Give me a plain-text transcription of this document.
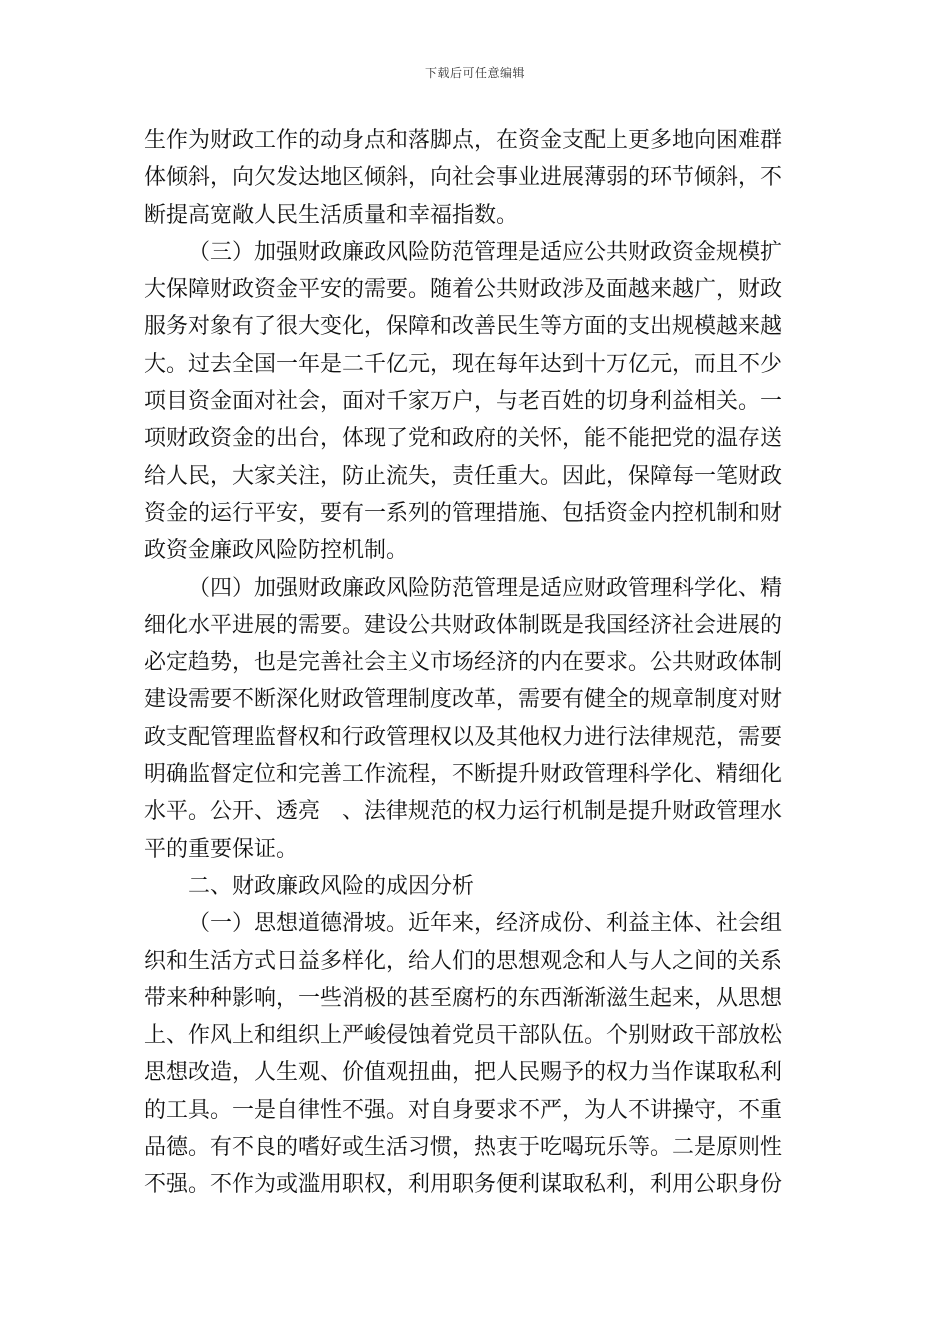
下载后可任意编辑
生作为财政工作的动身点和落脚点，在资金支配上更多地向困难群
体倾斜，向欠发达地区倾斜，向社会事业进展薄弱的环节倾斜，不
断提高宽敞人民生活质量和幸福指数。
（三）加强财政廉政风险防范管理是适应公共财政资金规模扩
大保障财政资金平安的需要。随着公共财政涉及面越来越广，财政
服务对象有了很大变化，保障和改善民生等方面的支出规模越来越
大。过去全国一年是二千亿元，现在每年达到十万亿元，而且不少
项目资金面对社会，面对千家万户，与老百姓的切身利益相关。一
项财政资金的出台，体现了党和政府的关怀，能不能把党的温存送
给人民，大家关注，防止流失，责任重大。因此，保障每一笔财政
资金的运行平安，要有一系列的管理措施、包括资金内控机制和财
政资金廉政风险防控机制。
（四）加强财政廉政风险防范管理是适应财政管理科学化、精
细化水平进展的需要。建设公共财政体制既是我国经济社会进展的
必定趋势，也是完善社会主义市场经济的内在要求。公共财政体制
建设需要不断深化财政管理制度改革，需要有健全的规章制度对财
政支配管理监督权和行政管理权以及其他权力进行法律规范，需要
明确监督定位和完善工作流程，不断提升财政管理科学化、精细化
水平。公开、透亮　、法律规范的权力运行机制是提升财政管理水
平的重要保证。
二、财政廉政风险的成因分析
（一）思想道德滑坡。近年来，经济成份、利益主体、社会组
织和生活方式日益多样化，给人们的思想观念和人与人之间的关系
带来种种影响，一些消极的甚至腐朽的东西渐渐滋生起来，从思想
上、作风上和组织上严峻侵蚀着党员干部队伍。个别财政干部放松
思想改造，人生观、价值观扭曲，把人民赐予的权力当作谋取私利
的工具。一是自律性不强。对自身要求不严，为人不讲操守，不重
品德。有不良的嗜好或生活习惯，热衷于吃喝玩乐等。二是原则性
不强。不作为或滥用职权，利用职务便利谋取私利，利用公职身份
